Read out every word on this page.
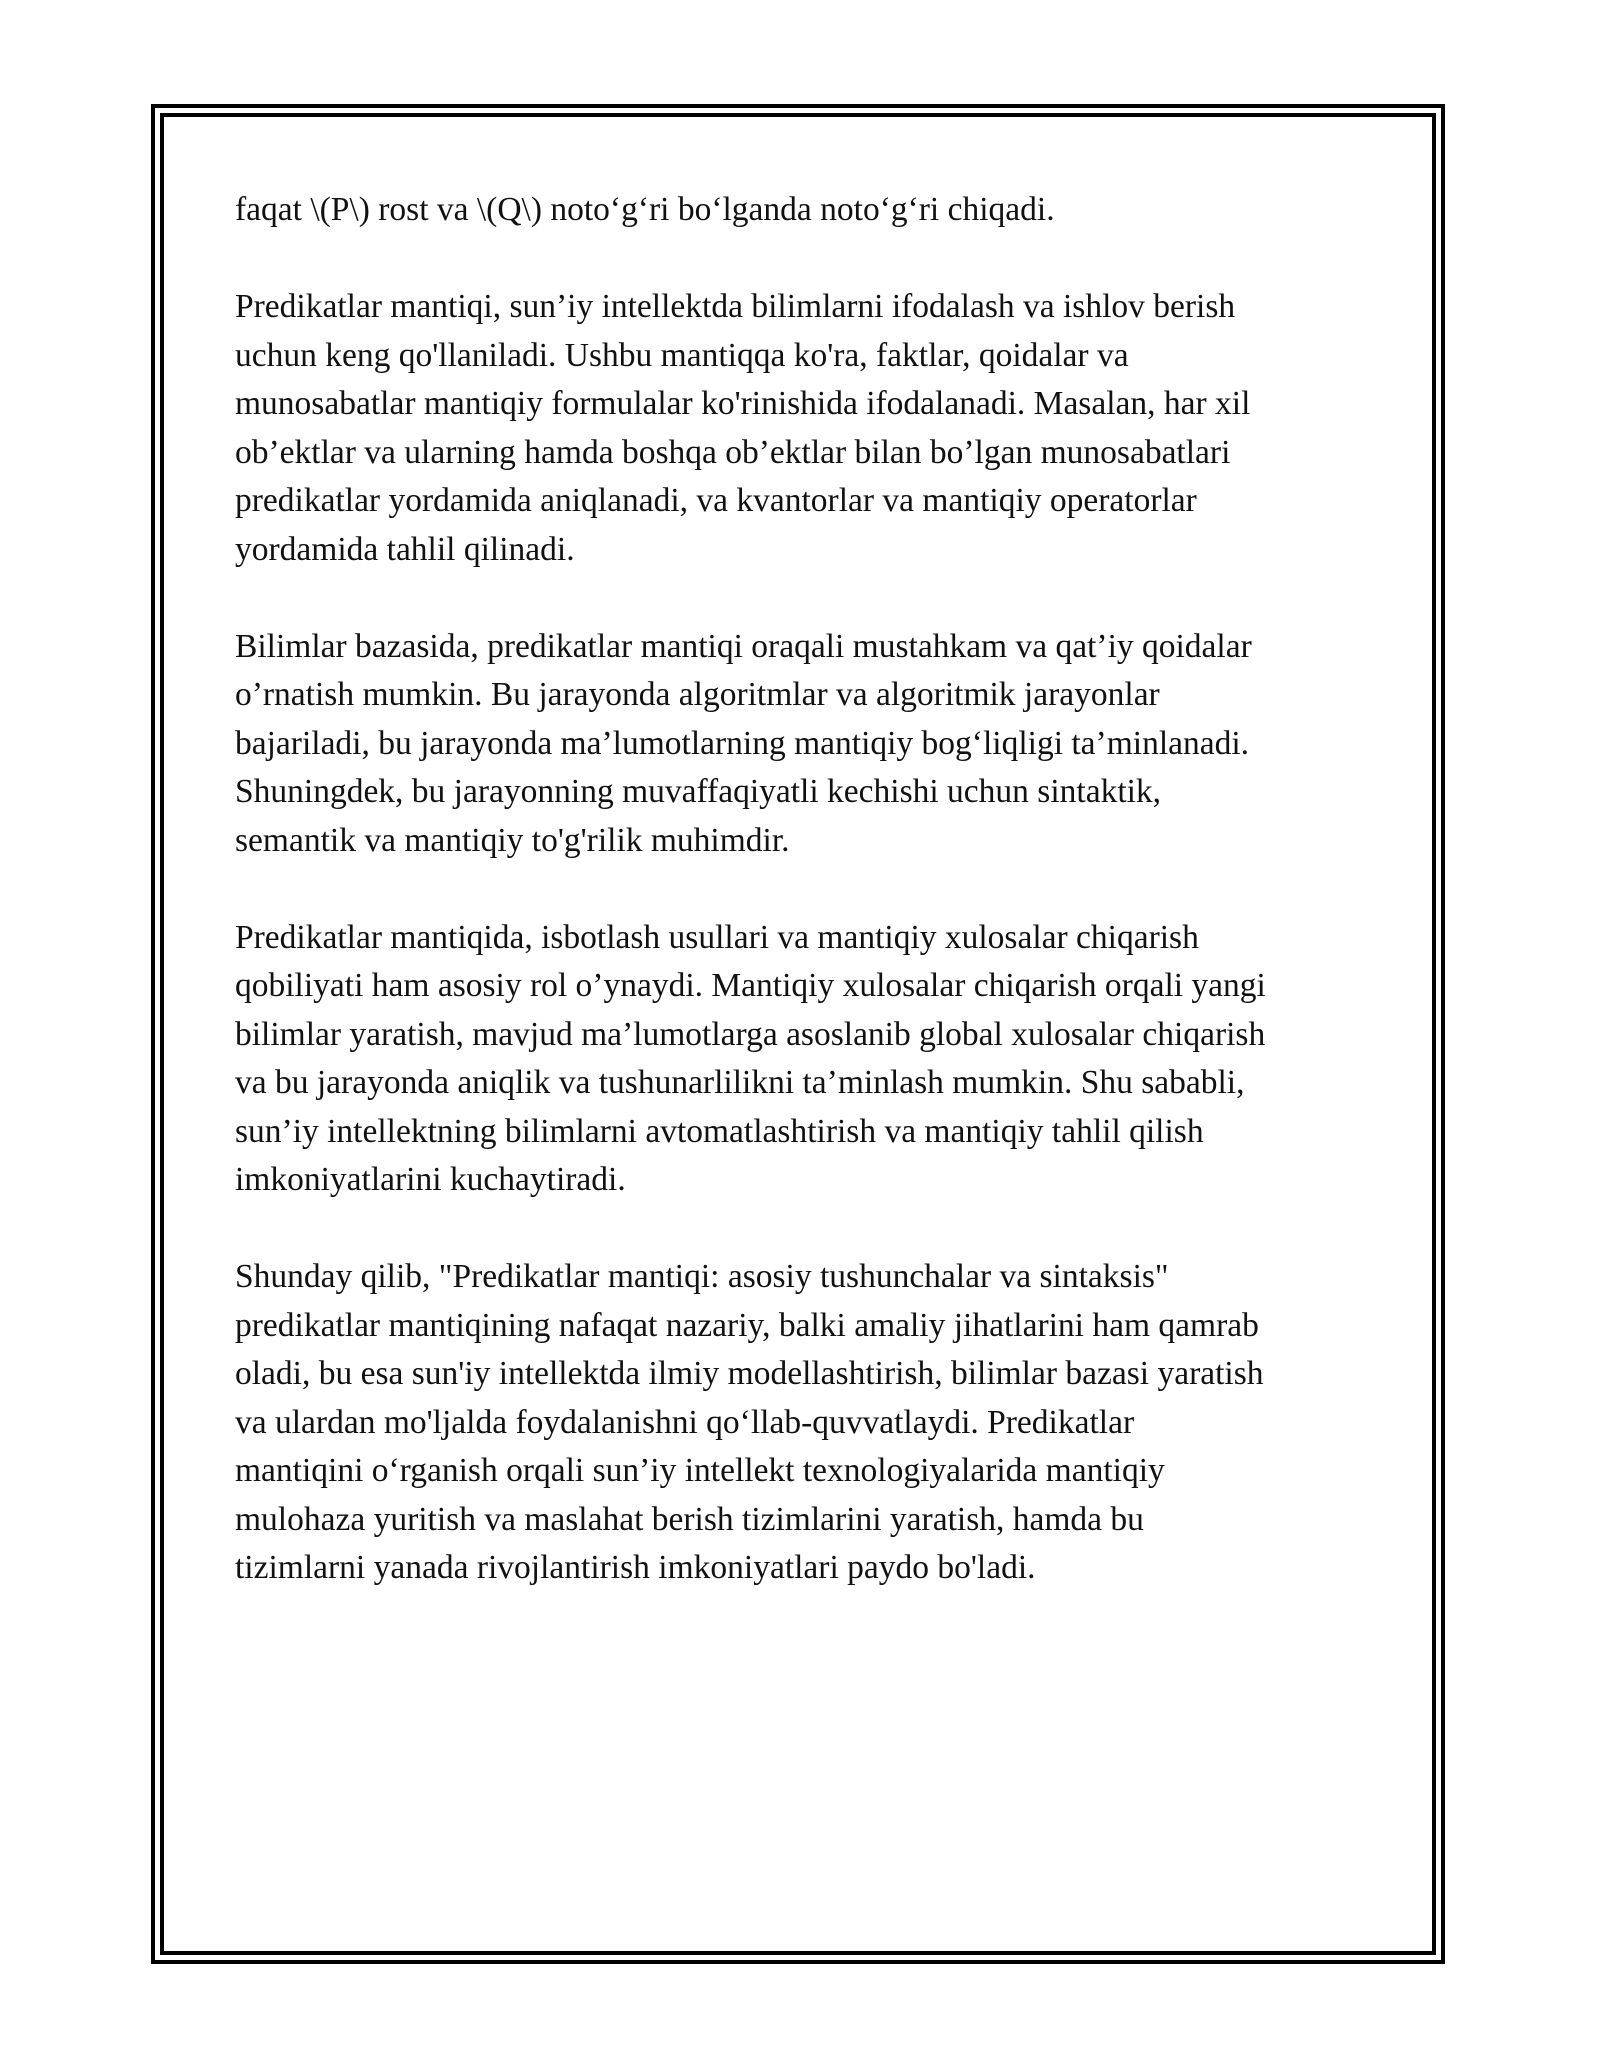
faqat \(P\) rost va \(Q\) noto‘g‘ri bo‘lganda noto‘g‘ri chiqadi.

Predikatlar mantiqi, sun’iy intellektda bilimlarni ifodalash va ishlov berish
uchun keng qo'llaniladi. Ushbu mantiqqa ko'ra, faktlar, qoidalar va
munosabatlar mantiqiy formulalar ko'rinishida ifodalanadi. Masalan, har xil
ob’ektlar va ularning hamda boshqa ob’ektlar bilan bo’lgan munosabatlari
predikatlar yordamida aniqlanadi, va kvantorlar va mantiqiy operatorlar
yordamida tahlil qilinadi.

Bilimlar bazasida, predikatlar mantiqi oraqali mustahkam va qat’iy qoidalar
o’rnatish mumkin. Bu jarayonda algoritmlar va algoritmik jarayonlar
bajariladi, bu jarayonda ma’lumotlarning mantiqiy bog‘liqligi ta’minlanadi.
Shuningdek, bu jarayonning muvaffaqiyatli kechishi uchun sintaktik,
semantik va mantiqiy to'g'rilik muhimdir.

Predikatlar mantiqida, isbotlash usullari va mantiqiy xulosalar chiqarish
qobiliyati ham asosiy rol o’ynaydi. Mantiqiy xulosalar chiqarish orqali yangi
bilimlar yaratish, mavjud ma’lumotlarga asoslanib global xulosalar chiqarish
va bu jarayonda aniqlik va tushunarlilikni ta’minlash mumkin. Shu sababli,
sun’iy intellektning bilimlarni avtomatlashtirish va mantiqiy tahlil qilish
imkoniyatlarini kuchaytiradi.

Shunday qilib, "Predikatlar mantiqi: asosiy tushunchalar va sintaksis"
predikatlar mantiqining nafaqat nazariy, balki amaliy jihatlarini ham qamrab
oladi, bu esa sun'iy intellektda ilmiy modellashtirish, bilimlar bazasi yaratish
va ulardan mo'ljalda foydalanishni qo‘llab-quvvatlaydi. Predikatlar
mantiqini o‘rganish orqali sun’iy intellekt texnologiyalarida mantiqiy
mulohaza yuritish va maslahat berish tizimlarini yaratish, hamda bu
tizimlarni yanada rivojlantirish imkoniyatlari paydo bo'ladi.
